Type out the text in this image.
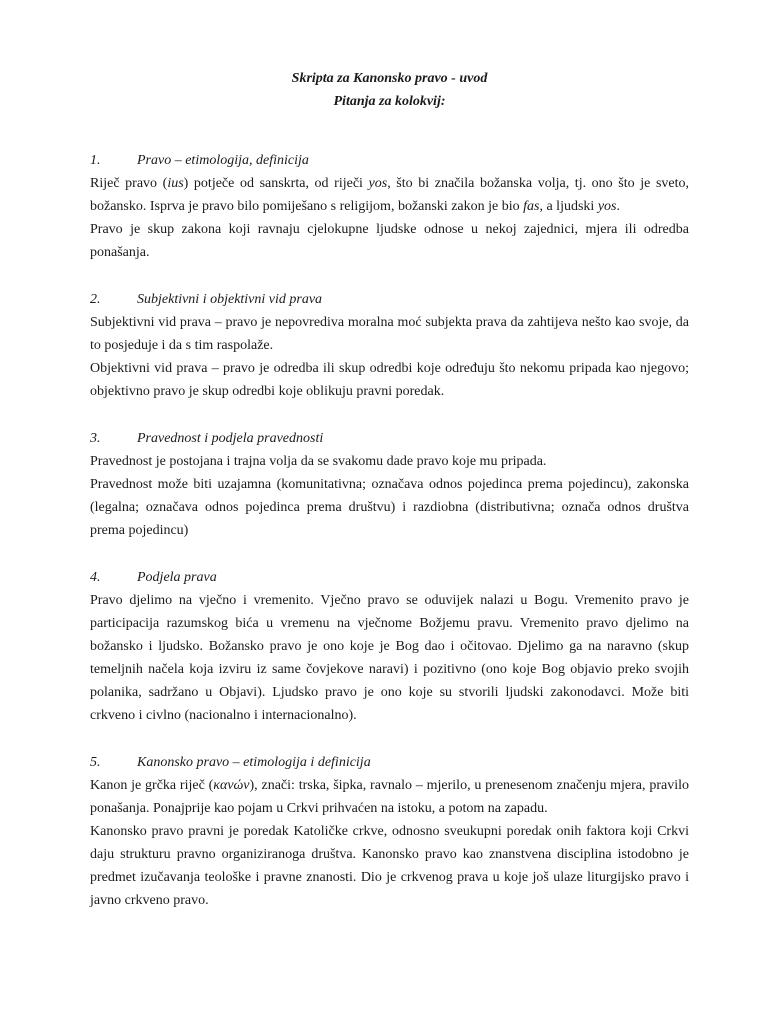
Skripta za Kanonsko pravo - uvod

Pitanja za kolokvij:

1.	Pravo – etimologija, definicija

Riječ pravo (ius) potječe od sanskrta, od riječi yos, što bi značila božanska volja, tj. ono što je sveto, božansko. Isprva je pravo bilo pomiješano s religijom, božanski zakon je bio fas, a ljudski yos.

Pravo je skup zakona koji ravnaju cjelokupne ljudske odnose u nekoj zajednici, mjera ili odredba ponašanja.

2.	Subjektivni i objektivni vid prava

Subjektivni vid prava – pravo je nepovrediva moralna moć subjekta prava da zahtijeva nešto kao svoje, da to posjeduje i da s tim raspolaže.

Objektivni vid prava – pravo je odredba ili skup odredbi koje određuju što nekomu pripada kao njegovo; objektivno pravo je skup odredbi koje oblikuju pravni poredak.

3.	Pravednost i podjela pravednosti

Pravednost je postojana i trajna volja da se svakomu dade pravo koje mu pripada.

Pravednost može biti uzajamna (komunitativna; označava odnos pojedinca prema pojedincu), zakonska (legalna; označava odnos pojedinca prema društvu) i razdiobna (distributivna; označa odnos društva prema pojedincu)

4.	Podjela prava

Pravo djelimo na vječno i vremenito. Vječno pravo se oduvijek nalazi u Bogu. Vremenito pravo je participacija razumskog bića u vremenu na vječnome Božjemu pravu. Vremenito pravo djelimo na božansko i ljudsko. Božansko pravo je ono koje je Bog dao i očitovao. Djelimo ga na naravno (skup temeljnih načela koja izviru iz same čovjekove naravi) i pozitivno (ono koje Bog objavio preko svojih polanika, sadržano u Objavi). Ljudsko pravo je ono koje su stvorili ljudski zakonodavci. Može biti crkveno i civlno (nacionalno i internacionalno).

5.	Kanonsko pravo – etimologija i definicija

Kanon je grčka riječ (κανών), znači: trska, šipka, ravnalo – mjerilo, u prenesenom značenju mjera, pravilo ponašanja. Ponajprije kao pojam u Crkvi prihvaćen na istoku, a potom na zapadu.

Kanonsko pravo pravni je poredak Katoličke crkve, odnosno sveukupni poredak onih faktora koji Crkvi daju strukturu pravno organiziranoga društva. Kanonsko pravo kao znanstvena disciplina istodobno je predmet izučavanja teološke i pravne znanosti. Dio je crkvenog prava u koje još ulaze liturgijsko pravo i javno crkveno pravo.
